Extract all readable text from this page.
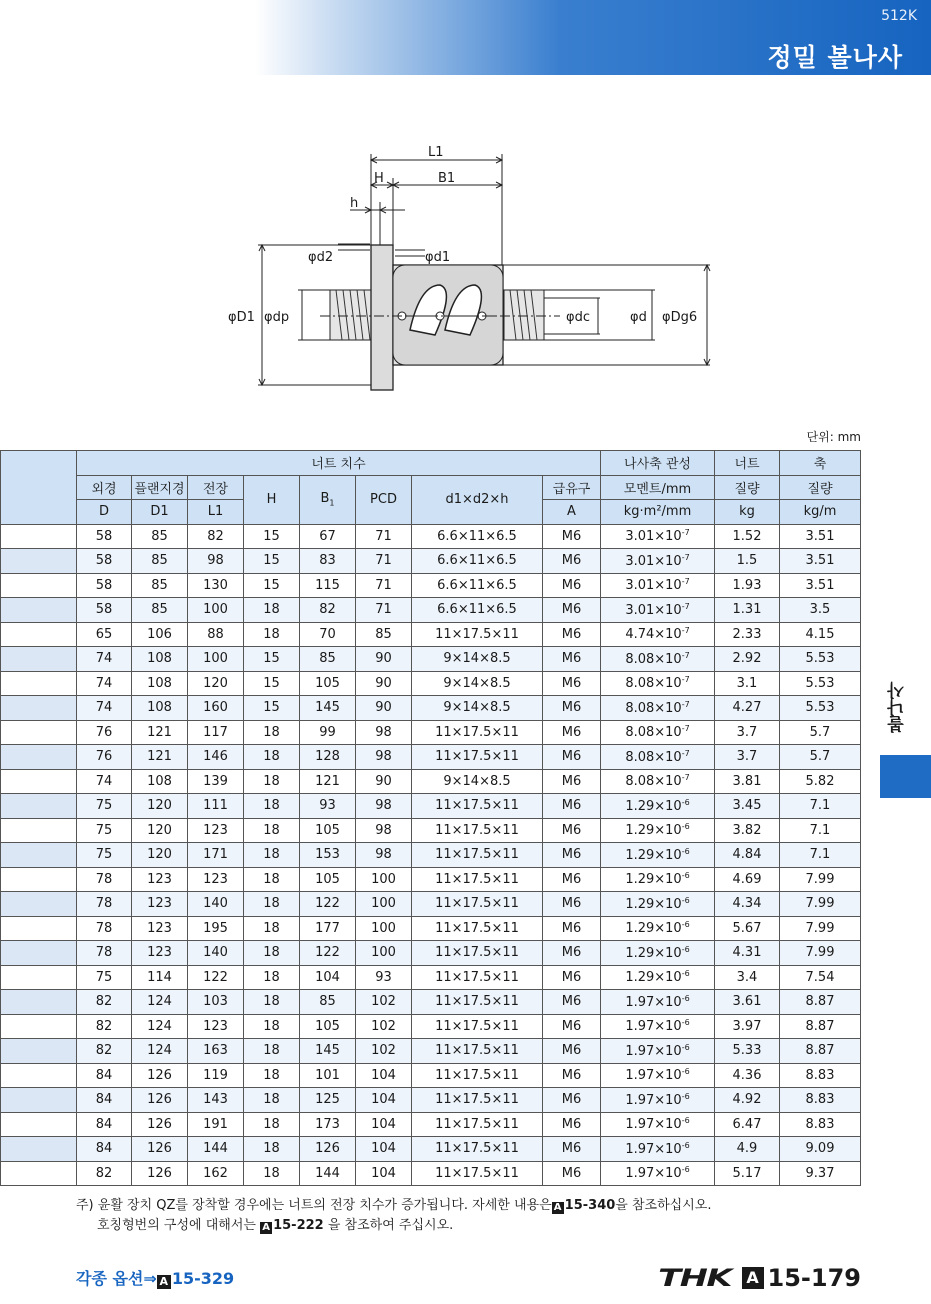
512K
정밀 볼나사
L1
H	B1
h
φd2	φd1
φD1 φdp	φdc	φd φDg6
단위: mm
	너트 치수								나사축 관성	너트	축
	외경	플랜지경	전장	H	$B_1$	PCD	d1×d2×h	급유구	모멘트/mm	질량	질량
	D	D1	L1					A	kg·m²/mm	kg	kg/m
	58	85	82	15	67	71	6.6×11×6.5	M6	$3.01\times 10^{-7}$	1.52	3.51
	58	85	98	15	83	71	6.6×11×6.5	M6	$3.01\times 10^{-7}$	1.5	3.51
	58	85	130	15	115	71	6.6×11×6.5	M6	$3.01\times 10^{-7}$	1.93	3.51
	58	85	100	18	82	71	6.6×11×6.5	M6	$3.01\times 10^{-7}$	1.31	3.5
	65	106	88	18	70	85	11×17.5×11	M6	$4.74\times 10^{-7}$	2.33	4.15
	74	108	100	15	85	90	9×14×8.5	M6	$8.08\times 10^{-7}$	2.92	5.53
	74	108	120	15	105	90	9×14×8.5	M6	$8.08\times 10^{-7}$	3.1	5.53
	74	108	160	15	145	90	9×14×8.5	M6	$8.08\times 10^{-7}$	4.27	5.53
	76	121	117	18	99	98	11×17.5×11	M6	$8.08\times 10^{-7}$	3.7	5.7
	76	121	146	18	128	98	11×17.5×11	M6	$8.08\times 10^{-7}$	3.7	5.7
	74	108	139	18	121	90	9×14×8.5	M6	$8.08\times 10^{-7}$	3.81	5.82
	75	120	111	18	93	98	11×17.5×11	M6	$1.29\times 10^{-6}$	3.45	7.1
	75	120	123	18	105	98	11×17.5×11	M6	$1.29\times 10^{-6}$	3.82	7.1
	75	120	171	18	153	98	11×17.5×11	M6	$1.29\times 10^{-6}$	4.84	7.1
	78	123	123	18	105	100	11×17.5×11	M6	$1.29\times 10^{-6}$	4.69	7.99
	78	123	140	18	122	100	11×17.5×11	M6	$1.29\times 10^{-6}$	4.34	7.99
	78	123	195	18	177	100	11×17.5×11	M6	$1.29\times 10^{-6}$	5.67	7.99
	78	123	140	18	122	100	11×17.5×11	M6	$1.29\times 10^{-6}$	4.31	7.99
	75	114	122	18	104	93	11×17.5×11	M6	$1.29\times 10^{-6}$	3.4	7.54
	82	124	103	18	85	102	11×17.5×11	M6	$1.97\times 10^{-6}$	3.61	8.87
	82	124	123	18	105	102	11×17.5×11	M6	$1.97\times 10^{-6}$	3.97	8.87
	82	124	163	18	145	102	11×17.5×11	M6	$1.97\times 10^{-6}$	5.33	8.87
	84	126	119	18	101	104	11×17.5×11	M6	$1.97\times 10^{-6}$	4.36	8.83
	84	126	143	18	125	104	11×17.5×11	M6	$1.97\times 10^{-6}$	4.92	8.83
	84	126	191	18	173	104	11×17.5×11	M6	$1.97\times 10^{-6}$	6.47	8.83
	84	126	144	18	126	104	11×17.5×11	M6	$1.97\times 10^{-6}$	4.9	9.09
	82	126	162	18	144	104	11×17.5×11	M6	$1.97\times 10^{-6}$	5.17	9.37
볼나사
주) 윤활 장치 QZ를 장착할 경우에는 너트의 전장 치수가 증가됩니다. 자세한 내용은 A 15-340을 참조하십시오.
호칭형번의 구성에 대해서는 A 15-222 을 참조하여 주십시오.
각종 옵션⇒ A 15-329	THK A 15-179
